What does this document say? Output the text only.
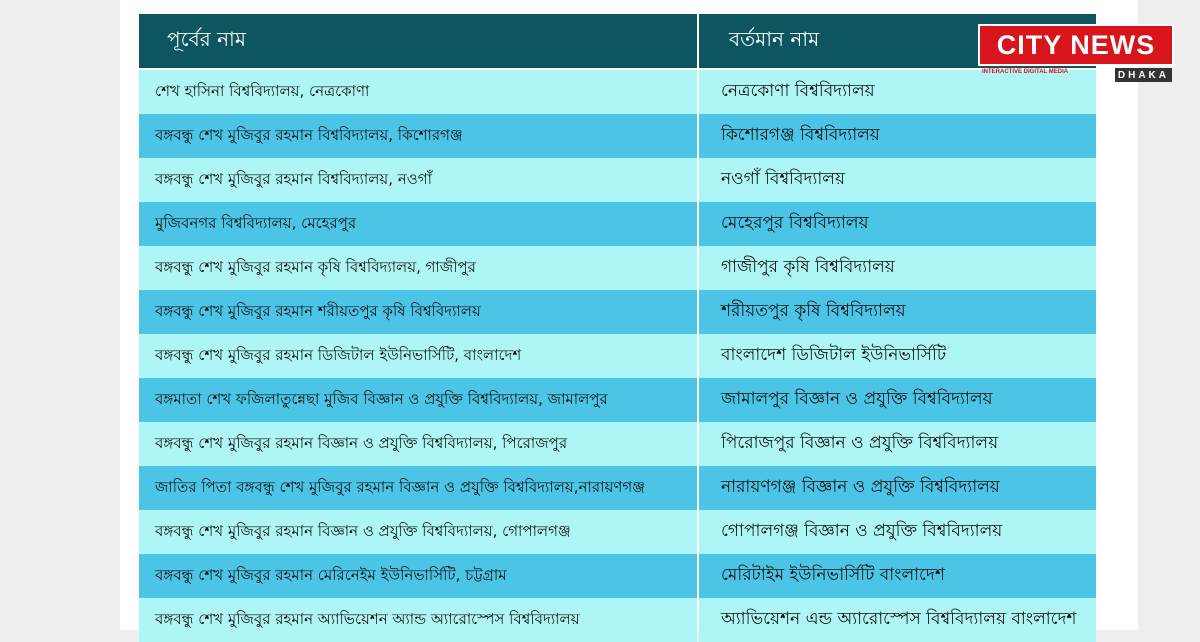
পূর্বের নাম	বর্তমান নাম
শেখ হাসিনা বিশ্ববিদ্যালয়, নেত্রকোণা	নেত্রকোণা বিশ্ববিদ্যালয়
বঙ্গবন্ধু শেখ মুজিবুর রহমান বিশ্ববিদ্যালয়, কিশোরগঞ্জ	কিশোরগঞ্জ বিশ্ববিদ্যালয়
বঙ্গবন্ধু শেখ মুজিবুর রহমান বিশ্ববিদ্যালয়, নওগাঁ	নওগাঁ বিশ্ববিদ্যালয়
মুজিবনগর বিশ্ববিদ্যালয়, মেহেরপুর	মেহেরপুর বিশ্ববিদ্যালয়
বঙ্গবন্ধু শেখ মুজিবুর রহমান কৃষি বিশ্ববিদ্যালয়, গাজীপুর	গাজীপুর কৃষি বিশ্ববিদ্যালয়
বঙ্গবন্ধু শেখ মুজিবুর রহমান শরীয়তপুর কৃষি বিশ্ববিদ্যালয়	শরীয়তপুর কৃষি বিশ্ববিদ্যালয়
বঙ্গবন্ধু শেখ মুজিবুর রহমান ডিজিটাল ইউনিভার্সিটি, বাংলাদেশ	বাংলাদেশ ডিজিটাল ইউনিভার্সিটি
বঙ্গমাতা শেখ ফজিলাতুন্নেছা মুজিব বিজ্ঞান ও প্রযুক্তি বিশ্ববিদ্যালয়, জামালপুর	জামালপুর বিজ্ঞান ও প্রযুক্তি বিশ্ববিদ্যালয়
বঙ্গবন্ধু শেখ মুজিবুর রহমান বিজ্ঞান ও প্রযুক্তি বিশ্ববিদ্যালয়, পিরোজপুর	পিরোজপুর বিজ্ঞান ও প্রযুক্তি বিশ্ববিদ্যালয়
জাতির পিতা বঙ্গবন্ধু শেখ মুজিবুর রহমান বিজ্ঞান ও প্রযুক্তি বিশ্ববিদ্যালয়,নারায়ণগঞ্জ	নারায়ণগঞ্জ বিজ্ঞান ও প্রযুক্তি বিশ্ববিদ্যালয়
বঙ্গবন্ধু শেখ মুজিবুর রহমান বিজ্ঞান ও প্রযুক্তি বিশ্ববিদ্যালয়, গোপালগঞ্জ	গোপালগঞ্জ বিজ্ঞান ও প্রযুক্তি বিশ্ববিদ্যালয়
বঙ্গবন্ধু শেখ মুজিবুর রহমান মেরিনেইম ইউনিভার্সিটি, চট্টগ্রাম	মেরিটাইম ইউনিভার্সিটি বাংলাদেশ
বঙ্গবন্ধু শেখ মুজিবুর রহমান অ্যাভিয়েশন অ্যান্ড অ্যারোস্পেস বিশ্ববিদ্যালয়	অ্যাভিয়েশন এন্ড অ্যারোস্পেস বিশ্ববিদ্যালয় বাংলাদেশ
CITY NEWS
INTERACTIVE DIGITAL MEDIA	DHAKA
